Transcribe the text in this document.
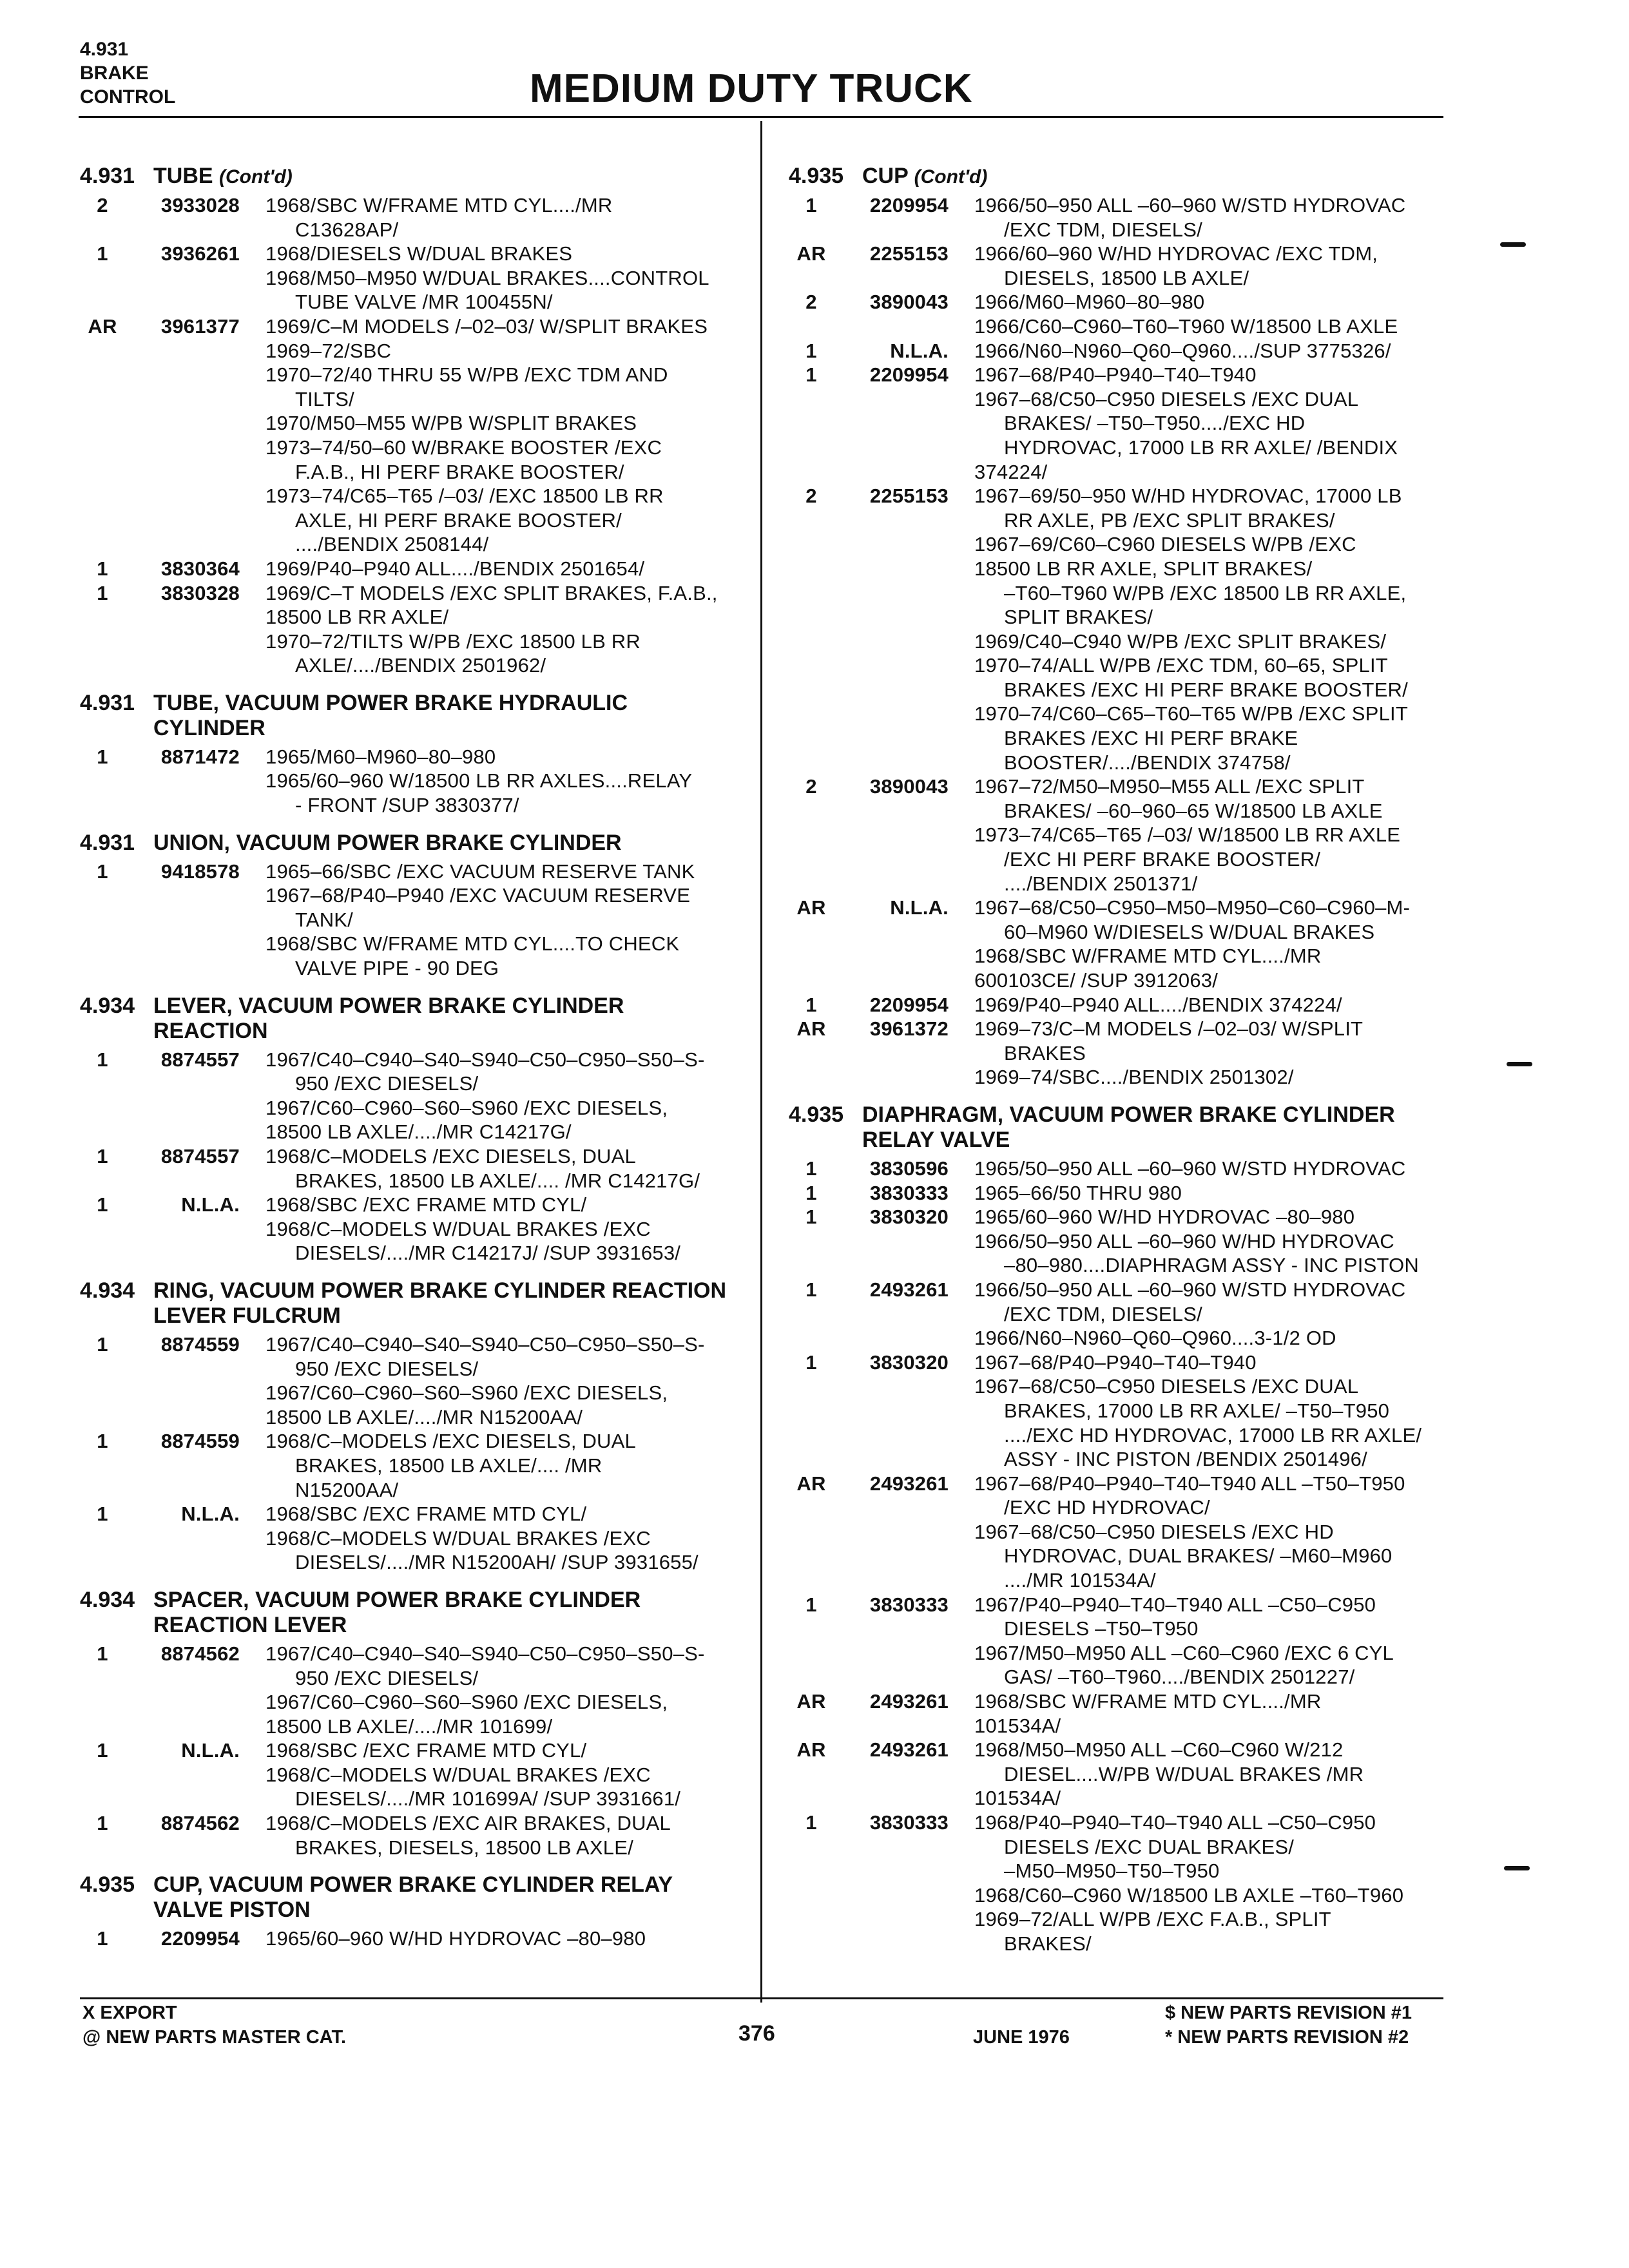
4.931
BRAKE
CONTROL	MEDIUM DUTY TRUCK
4.931 TUBE (Cont'd)
2	3933028 1968/SBC W/FRAME MTD CYL..../MR
C13628AP/
1	3936261 1968/DIESELS W/DUAL BRAKES
1968/M50–M950 W/DUAL BRAKES....CONTROL
TUBE VALVE /MR 100455N/
AR	3961377 1969/C–M MODELS /–02–03/ W/SPLIT BRAKES
1969–72/SBC
1970–72/40 THRU 55 W/PB /EXC TDM AND
TILTS/
1970/M50–M55 W/PB W/SPLIT BRAKES
1973–74/50–60 W/BRAKE BOOSTER /EXC
F.A.B., HI PERF BRAKE BOOSTER/
1973–74/C65–T65 /–03/ /EXC 18500 LB RR
AXLE, HI PERF BRAKE BOOSTER/
..../BENDIX 2508144/
1	3830364 1969/P40–P940 ALL..../BENDIX 2501654/
1	3830328 1969/C–T MODELS /EXC SPLIT BRAKES, F.A.B.,
18500 LB RR AXLE/
1970–72/TILTS W/PB /EXC 18500 LB RR
AXLE/..../BENDIX 2501962/
4.931 TUBE, VACUUM POWER BRAKE HYDRAULIC CYLINDER
1	8871472 1965/M60–M960–80–980
1965/60–960 W/18500 LB RR AXLES....RELAY
- FRONT /SUP 3830377/
4.931 UNION, VACUUM POWER BRAKE CYLINDER
1	9418578 1965–66/SBC /EXC VACUUM RESERVE TANK
1967–68/P40–P940 /EXC VACUUM RESERVE
TANK/
1968/SBC W/FRAME MTD CYL....TO CHECK
VALVE PIPE - 90 DEG
4.934 LEVER, VACUUM POWER BRAKE CYLINDER REACTION
1	8874557 1967/C40–C940–S40–S940–C50–C950–S50–S-
950 /EXC DIESELS/
1967/C60–C960–S60–S960 /EXC DIESELS,
18500 LB AXLE/..../MR C14217G/
1	8874557 1968/C–MODELS /EXC DIESELS, DUAL
BRAKES, 18500 LB AXLE/.... /MR C14217G/
1	N.L.A. 1968/SBC /EXC FRAME MTD CYL/
1968/C–MODELS W/DUAL BRAKES /EXC
DIESELS/..../MR C14217J/ /SUP 3931653/
4.934 RING, VACUUM POWER BRAKE CYLINDER REACTION LEVER FULCRUM
1	8874559 1967/C40–C940–S40–S940–C50–C950–S50–S-
950 /EXC DIESELS/
1967/C60–C960–S60–S960 /EXC DIESELS,
18500 LB AXLE/..../MR N15200AA/
1	8874559 1968/C–MODELS /EXC DIESELS, DUAL
BRAKES, 18500 LB AXLE/.... /MR
N15200AA/
1	N.L.A. 1968/SBC /EXC FRAME MTD CYL/
1968/C–MODELS W/DUAL BRAKES /EXC
DIESELS/..../MR N15200AH/ /SUP 3931655/
4.934 SPACER, VACUUM POWER BRAKE CYLINDER REACTION LEVER
1	8874562 1967/C40–C940–S40–S940–C50–C950–S50–S-
950 /EXC DIESELS/
1967/C60–C960–S60–S960 /EXC DIESELS,
18500 LB AXLE/..../MR 101699/
1	N.L.A. 1968/SBC /EXC FRAME MTD CYL/
1968/C–MODELS W/DUAL BRAKES /EXC
DIESELS/..../MR 101699A/ /SUP 3931661/
1	8874562 1968/C–MODELS /EXC AIR BRAKES, DUAL
BRAKES, DIESELS, 18500 LB AXLE/
4.935 CUP, VACUUM POWER BRAKE CYLINDER RELAY VALVE PISTON
1	2209954 1965/60–960 W/HD HYDROVAC –80–980
4.935 CUP (Cont'd)
1	2209954 1966/50–950 ALL –60–960 W/STD HYDROVAC
/EXC TDM, DIESELS/
AR	2255153 1966/60–960 W/HD HYDROVAC /EXC TDM,
DIESELS, 18500 LB AXLE/
2	3890043 1966/M60–M960–80–980
1966/C60–C960–T60–T960 W/18500 LB AXLE
1	N.L.A. 1966/N60–N960–Q60–Q960..../SUP 3775326/
1	2209954 1967–68/P40–P940–T40–T940
1967–68/C50–C950 DIESELS /EXC DUAL
BRAKES/ –T50–T950..../EXC HD
HYDROVAC, 17000 LB RR AXLE/ /BENDIX
374224/
2	2255153 1967–69/50–950 W/HD HYDROVAC, 17000 LB
RR AXLE, PB /EXC SPLIT BRAKES/
1967–69/C60–C960 DIESELS W/PB /EXC
18500 LB RR AXLE, SPLIT BRAKES/
–T60–T960 W/PB /EXC 18500 LB RR AXLE,
SPLIT BRAKES/
1969/C40–C940 W/PB /EXC SPLIT BRAKES/
1970–74/ALL W/PB /EXC TDM, 60–65, SPLIT
BRAKES /EXC HI PERF BRAKE BOOSTER/
1970–74/C60–C65–T60–T65 W/PB /EXC SPLIT
BRAKES /EXC HI PERF BRAKE
BOOSTER/..../BENDIX 374758/
2	3890043 1967–72/M50–M950–M55 ALL /EXC SPLIT
BRAKES/ –60–960–65 W/18500 LB AXLE
1973–74/C65–T65 /–03/ W/18500 LB RR AXLE
/EXC HI PERF BRAKE BOOSTER/
..../BENDIX 2501371/
AR	N.L.A. 1967–68/C50–C950–M50–M950–C60–C960–M-
60–M960 W/DIESELS W/DUAL BRAKES
1968/SBC W/FRAME MTD CYL..../MR
600103CE/ /SUP 3912063/
1	2209954 1969/P40–P940 ALL..../BENDIX 374224/
AR	3961372 1969–73/C–M MODELS /–02–03/ W/SPLIT
BRAKES
1969–74/SBC..../BENDIX 2501302/
4.935 DIAPHRAGM, VACUUM POWER BRAKE CYLINDER RELAY VALVE
1	3830596 1965/50–950 ALL –60–960 W/STD HYDROVAC
1	3830333 1965–66/50 THRU 980
1	3830320 1965/60–960 W/HD HYDROVAC –80–980
1966/50–950 ALL –60–960 W/HD HYDROVAC
–80–980....DIAPHRAGM ASSY - INC PISTON
1	2493261 1966/50–950 ALL –60–960 W/STD HYDROVAC
/EXC TDM, DIESELS/
1966/N60–N960–Q60–Q960....3-1/2 OD
1	3830320 1967–68/P40–P940–T40–T940
1967–68/C50–C950 DIESELS /EXC DUAL
BRAKES, 17000 LB RR AXLE/ –T50–T950
..../EXC HD HYDROVAC, 17000 LB RR AXLE/
ASSY - INC PISTON /BENDIX 2501496/
AR	2493261 1967–68/P40–P940–T40–T940 ALL –T50–T950
/EXC HD HYDROVAC/
1967–68/C50–C950 DIESELS /EXC HD
HYDROVAC, DUAL BRAKES/ –M60–M960
..../MR 101534A/
1	3830333 1967/P40–P940–T40–T940 ALL –C50–C950
DIESELS –T50–T950
1967/M50–M950 ALL –C60–C960 /EXC 6 CYL
GAS/ –T60–T960..../BENDIX 2501227/
AR	2493261 1968/SBC W/FRAME MTD CYL..../MR
101534A/
AR	2493261 1968/M50–M950 ALL –C60–C960 W/212
DIESEL....W/PB W/DUAL BRAKES /MR
101534A/
1	3830333 1968/P40–P940–T40–T940 ALL –C50–C950
DIESELS /EXC DUAL BRAKES/
–M50–M950–T50–T950
1968/C60–C960 W/18500 LB AXLE –T60–T960
1969–72/ALL W/PB /EXC F.A.B., SPLIT
BRAKES/
X EXPORT
@ NEW PARTS MASTER CAT.	376	JUNE 1976
$ NEW PARTS REVISION #1
* NEW PARTS REVISION #2
